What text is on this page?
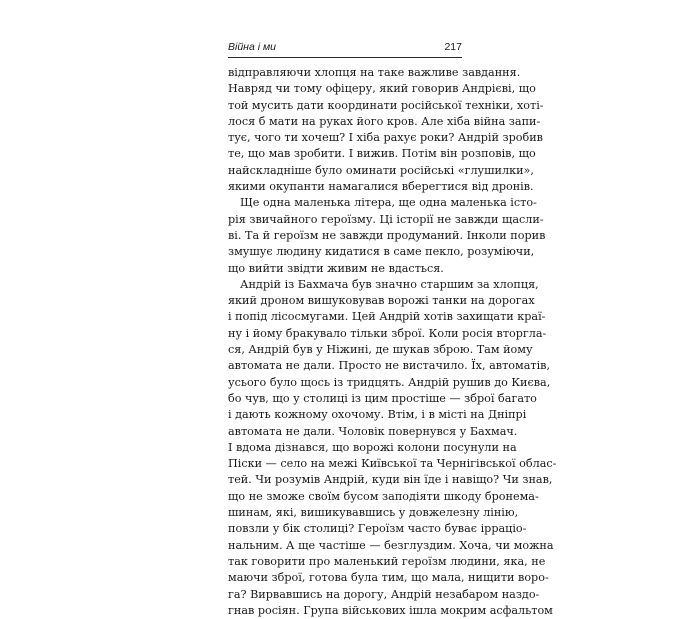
Війна і ми	217
відправляючи хлопця на таке важливе завдання.
Навряд чи тому офіцеру, який говорив Андрієві, що
той мусить дати координати російської техніки, хоті-
лося б мати на руках його кров. Але хіба війна запи-
тує, чого ти хочеш? І хіба рахує роки? Андрій зробив
те, що мав зробити. І вижив. Потім він розповів, що
найскладніше було оминати російські «глушилки»,
якими окупанти намагалися вберегтися від дронів.
Ще одна маленька літера, ще одна маленька істо-
рія звичайного героїзму. Ці історії не завжди щасли-
ві. Та й героїзм не завжди продуманий. Інколи порив
змушує людину кидатися в саме пекло, розуміючи,
що вийти звідти живим не вдасться.
Андрій із Бахмача був значно старшим за хлопця,
який дроном вишуковував ворожі танки на дорогах
і попід лісосмугами. Цей Андрій хотів захищати краї-
ну і йому бракувало тільки зброї. Коли росія вторгла-
ся, Андрій був у Ніжині, де шукав зброю. Там йому
автомата не дали. Просто не вистачило. Їх, автоматів,
усього було щось із тридцять. Андрій рушив до Києва,
бо чув, що у столиці із цим простіше — зброї багато
і дають кожному охочому. Втім, і в місті на Дніпрі
автомата не дали. Чоловік повернувся у Бахмач.
І вдома дізнався, що ворожі колони посунули на
Піски — село на межі Київської та Чернігівської облас-
тей. Чи розумів Андрій, куди він їде і навіщо? Чи знав,
що не зможе своїм бусом заподіяти шкоду бронема-
шинам, які, вишикувавшись у довжелезну лінію,
повзли у бік столиці? Героїзм часто буває ірраціо-
нальним. А ще частіше — безглуздим. Хоча, чи можна
так говорити про маленький героїзм людини, яка, не
маючи зброї, готова була тим, що мала, нищити воро-
га? Вирвавшись на дорогу, Андрій незабаром наздо-
гнав росіян. Група військових ішла мокрим асфальтом
